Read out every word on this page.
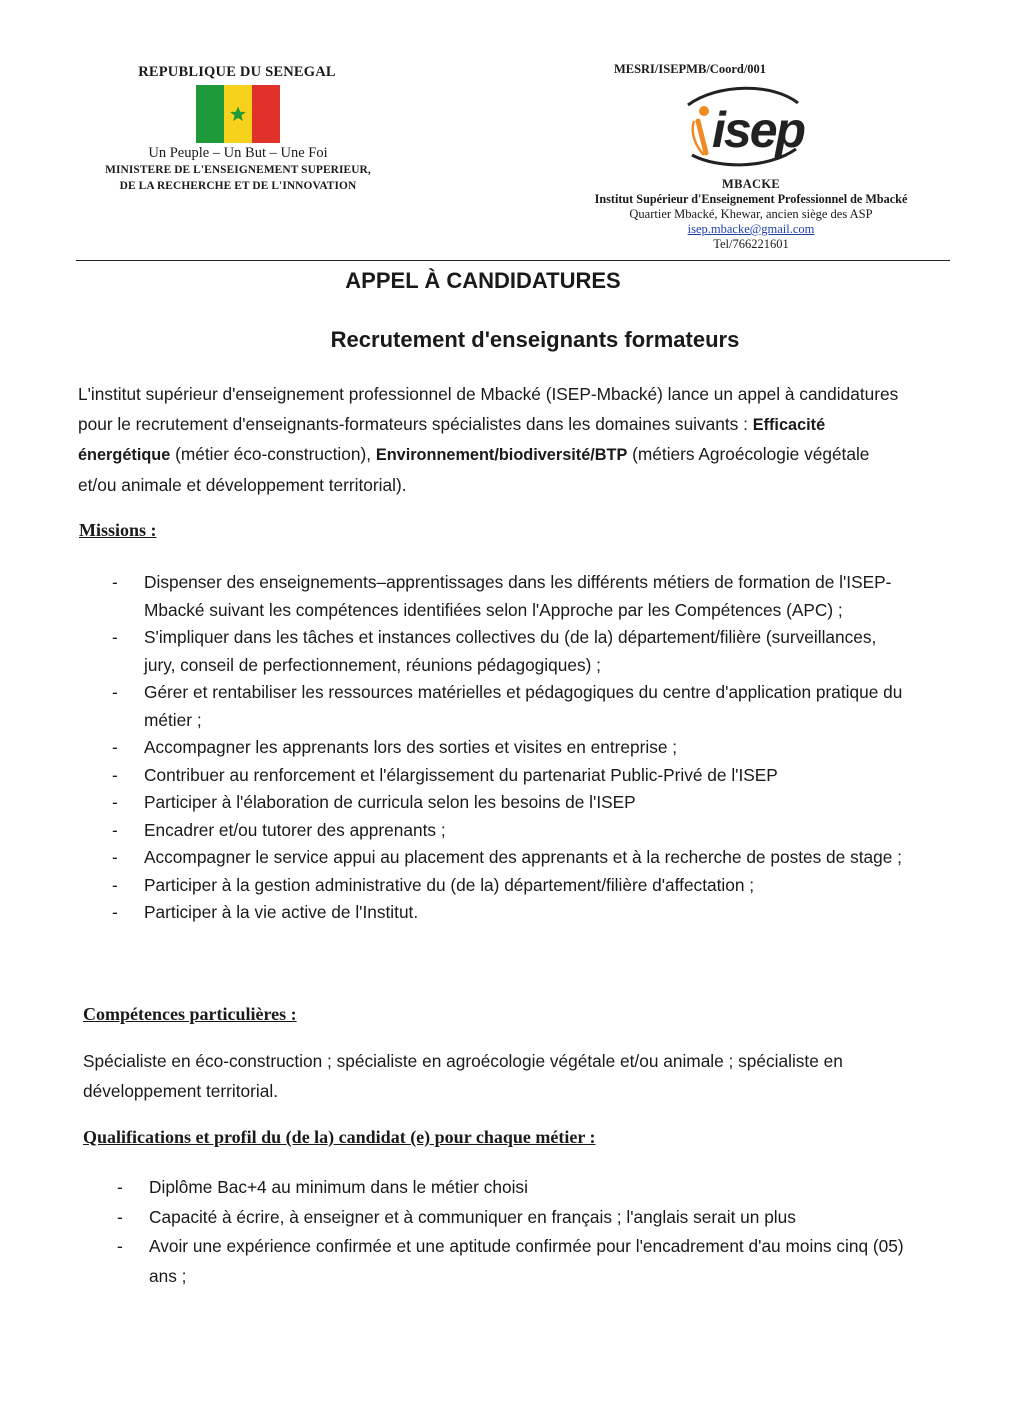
REPUBLIQUE DU SENEGAL
Un Peuple – Un But – Une Foi
MINISTERE DE L'ENSEIGNEMENT SUPERIEUR,
DE LA RECHERCHE ET DE L'INNOVATION
MESRI/ISEPMB/Coord/001
isep
MBACKE
Institut Supérieur d'Enseignement Professionnel de Mbacké
Quartier Mbacké, Khewar, ancien siège des ASP
isep.mbacke@gmail.com
Tel/766221601
APPEL À CANDIDATURES
Recrutement d'enseignants formateurs
L'institut supérieur d'enseignement professionnel de Mbacké (ISEP-Mbacké) lance un appel à candidatures pour le recrutement d'enseignants-formateurs spécialistes dans les domaines suivants : Efficacité énergétique (métier éco-construction), Environnement/biodiversité/BTP (métiers Agroécologie végétale et/ou animale et développement territorial).
Missions :
- Dispenser des enseignements–apprentissages dans les différents métiers de formation de l'ISEP-Mbacké suivant les compétences identifiées selon l'Approche par les Compétences (APC) ;
- S'impliquer dans les tâches et instances collectives du (de la) département/filière (surveillances, jury, conseil de perfectionnement, réunions pédagogiques) ;
- Gérer et rentabiliser les ressources matérielles et pédagogiques du centre d'application pratique du métier ;
- Accompagner les apprenants lors des sorties et visites en entreprise ;
- Contribuer au renforcement et l'élargissement du partenariat Public-Privé de l'ISEP
- Participer à l'élaboration de curricula selon les besoins de l'ISEP
- Encadrer et/ou tutorer des apprenants ;
- Accompagner le service appui au placement des apprenants et à la recherche de postes de stage ;
- Participer à la gestion administrative du (de la) département/filière d'affectation ;
- Participer à la vie active de l'Institut.
Compétences particulières :
Spécialiste en éco-construction ; spécialiste en agroécologie végétale et/ou animale ; spécialiste en développement territorial.
Qualifications et profil du (de la) candidat (e) pour chaque métier :
- Diplôme Bac+4 au minimum dans le métier choisi
- Capacité à écrire, à enseigner et à communiquer en français ; l'anglais serait un plus
- Avoir une expérience confirmée et une aptitude confirmée pour l'encadrement d'au moins cinq (05) ans ;
